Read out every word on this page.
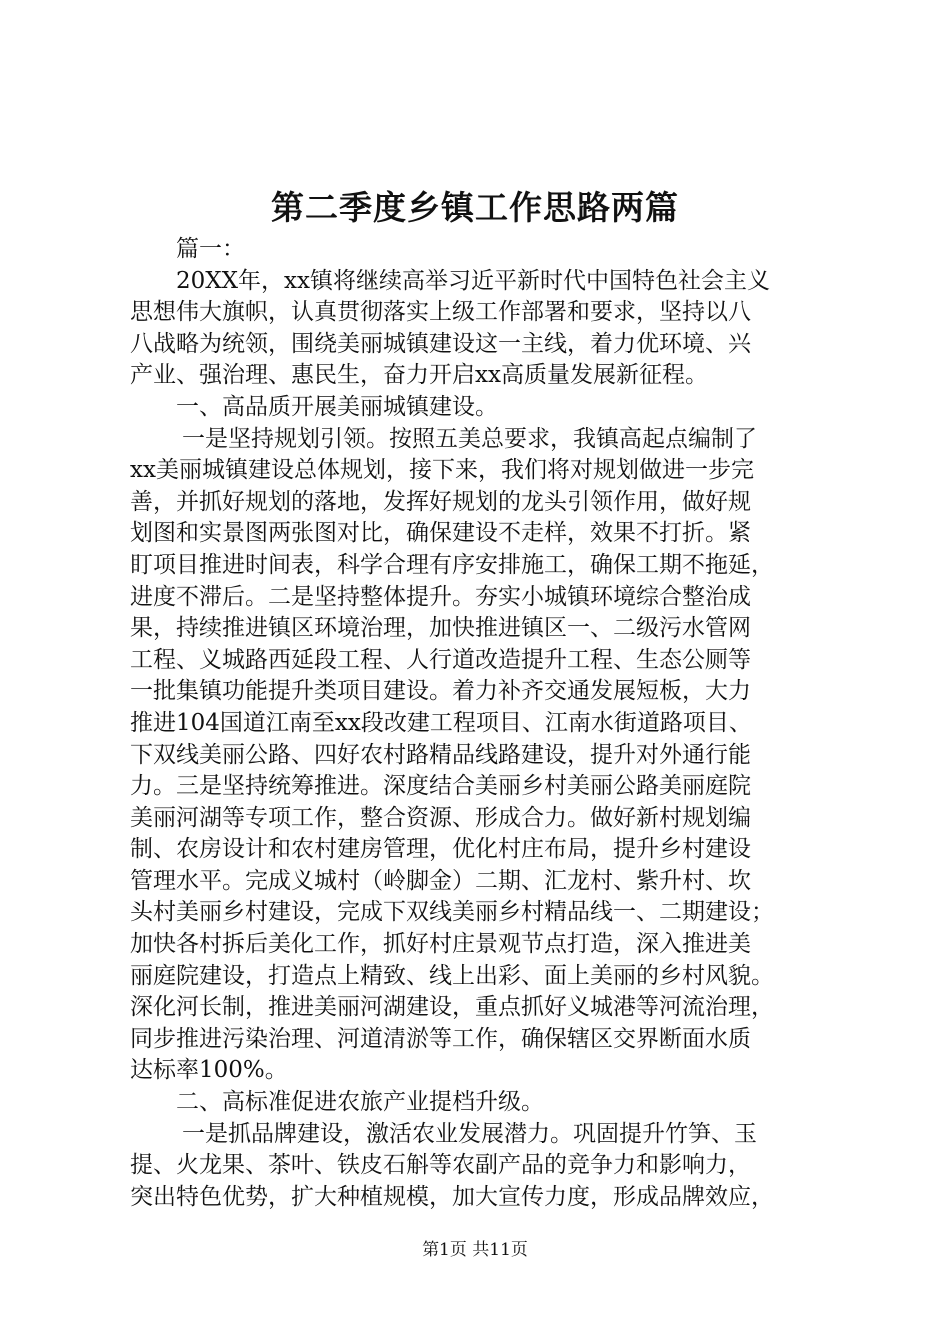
第二季度乡镇工作思路两篇
篇一：
20XX年，xx镇将继续高举习近平新时代中国特色社会主义
思想伟大旗帜，认真贯彻落实上级工作部署和要求，坚持以八
八战略为统领，围绕美丽城镇建设这一主线，着力优环境、兴
产业、强治理、惠民生，奋力开启xx高质量发展新征程。
一、高品质开展美丽城镇建设。
一是坚持规划引领。按照五美总要求，我镇高起点编制了
xx美丽城镇建设总体规划，接下来，我们将对规划做进一步完
善，并抓好规划的落地，发挥好规划的龙头引领作用，做好规
划图和实景图两张图对比，确保建设不走样，效果不打折。紧
盯项目推进时间表，科学合理有序安排施工，确保工期不拖延，
进度不滞后。二是坚持整体提升。夯实小城镇环境综合整治成
果，持续推进镇区环境治理，加快推进镇区一、二级污水管网
工程、义城路西延段工程、人行道改造提升工程、生态公厕等
一批集镇功能提升类项目建设。着力补齐交通发展短板，大力
推进104国道江南至xx段改建工程项目、江南水街道路项目、
下双线美丽公路、四好农村路精品线路建设，提升对外通行能
力。三是坚持统筹推进。深度结合美丽乡村美丽公路美丽庭院
美丽河湖等专项工作，整合资源、形成合力。做好新村规划编
制、农房设计和农村建房管理，优化村庄布局，提升乡村建设
管理水平。完成义城村（岭脚金）二期、汇龙村、紫升村、坎
头村美丽乡村建设，完成下双线美丽乡村精品线一、二期建设；
加快各村拆后美化工作，抓好村庄景观节点打造，深入推进美
丽庭院建设，打造点上精致、线上出彩、面上美丽的乡村风貌。
深化河长制，推进美丽河湖建设，重点抓好义城港等河流治理，
同步推进污染治理、河道清淤等工作，确保辖区交界断面水质
达标率100%。
二、高标准促进农旅产业提档升级。
一是抓品牌建设，激活农业发展潜力。巩固提升竹笋、玉
提、火龙果、茶叶、铁皮石斛等农副产品的竞争力和影响力，
突出特色优势，扩大种植规模，加大宣传力度，形成品牌效应，
第1页 共11页
